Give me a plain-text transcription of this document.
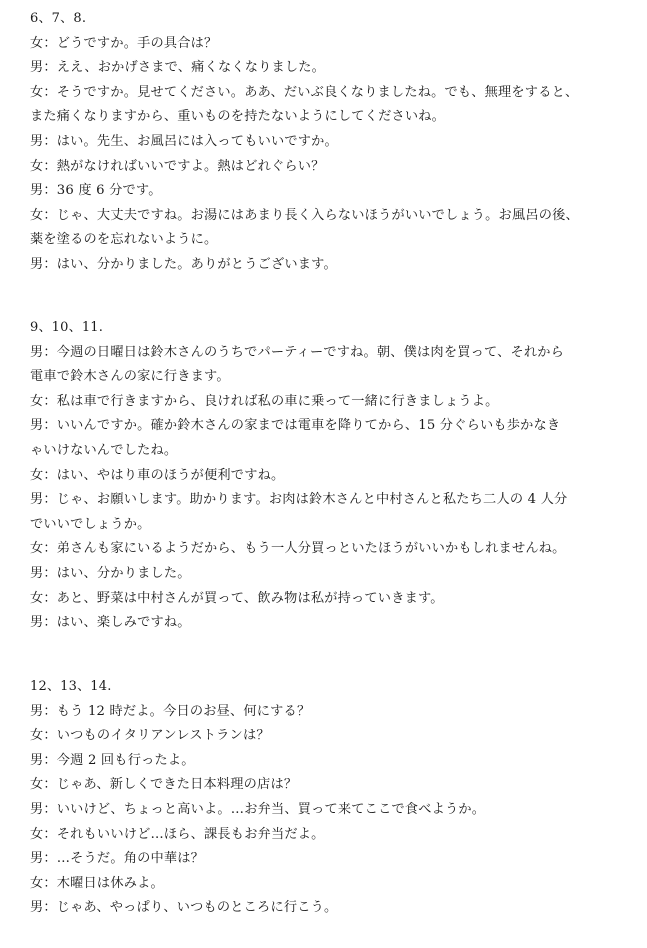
6、7、8.
女：どうですか。手の具合は？
男：ええ、おかげさまで、痛くなくなりました。
女：そうですか。見せてください。ああ、だいぶ良くなりましたね。でも、無理をすると、
また痛くなりますから、重いものを持たないようにしてくださいね。
男：はい。先生、お風呂には入ってもいいですか。
女：熱がなければいいですよ。熱はどれぐらい？
男：36 度 6 分です。
女：じゃ、大丈夫ですね。お湯にはあまり長く入らないほうがいいでしょう。お風呂の後、
薬を塗るのを忘れないように。
男：はい、分かりました。ありがとうございます。
9、10、11.
男：今週の日曜日は鈴木さんのうちでパーティーですね。朝、僕は肉を買って、それから
電車で鈴木さんの家に行きます。
女：私は車で行きますから、良ければ私の車に乗って一緒に行きましょうよ。
男：いいんですか。確か鈴木さんの家までは電車を降りてから、15 分ぐらいも歩かなき
ゃいけないんでしたね。
女：はい、やはり車のほうが便利ですね。
男：じゃ、お願いします。助かります。お肉は鈴木さんと中村さんと私たち二人の 4 人分
でいいでしょうか。
女：弟さんも家にいるようだから、もう一人分買っといたほうがいいかもしれませんね。
男：はい、分かりました。
女：あと、野菜は中村さんが買って、飲み物は私が持っていきます。
男：はい、楽しみですね。
12、13、14.
男：もう 12 時だよ。今日のお昼、何にする？
女：いつものイタリアンレストランは？
男：今週 2 回も行ったよ。
女：じゃあ、新しくできた日本料理の店は？
男：いいけど、ちょっと高いよ。…お弁当、買って来てここで食べようか。
女：それもいいけど…ほら、課長もお弁当だよ。
男：…そうだ。角の中華は？
女：木曜日は休みよ。
男：じゃあ、やっぱり、いつものところに行こう。
